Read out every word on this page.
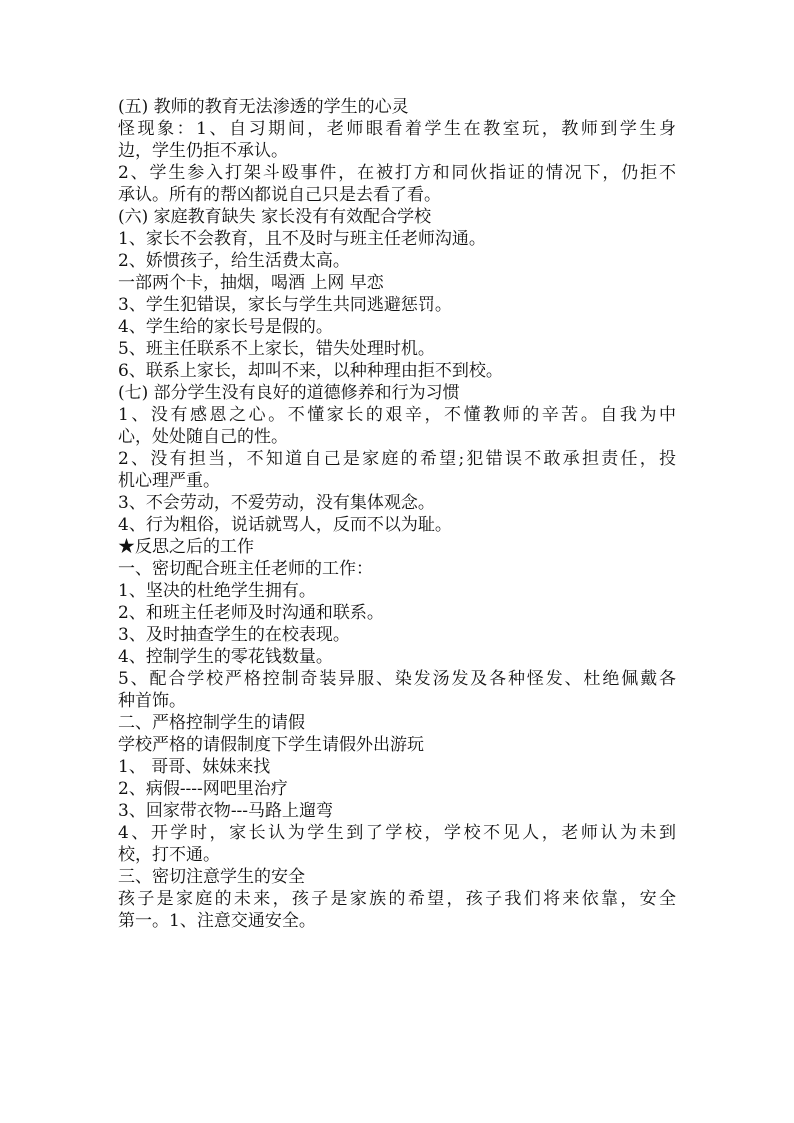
(五) 教师的教育无法渗透的学生的心灵
怪现象：1、自习期间，老师眼看着学生在教室玩，教师到学生身
边，学生仍拒不承认。
2、学生参入打架斗殴事件，在被打方和同伙指证的情况下，仍拒不
承认。所有的帮凶都说自己只是去看了看。
(六) 家庭教育缺失 家长没有有效配合学校
1、家长不会教育，且不及时与班主任老师沟通。
2、娇惯孩子，给生活费太高。
一部两个卡，抽烟，喝酒 上网 早恋
3、学生犯错误，家长与学生共同逃避惩罚。
4、学生给的家长号是假的。
5、班主任联系不上家长，错失处理时机。
6、联系上家长，却叫不来，以种种理由拒不到校。
(七) 部分学生没有良好的道德修养和行为习惯
1、没有感恩之心。不懂家长的艰辛，不懂教师的辛苦。自我为中
心，处处随自己的性。
2、没有担当，不知道自己是家庭的希望;犯错误不敢承担责任，投
机心理严重。
3、不会劳动，不爱劳动，没有集体观念。
4、行为粗俗，说话就骂人，反而不以为耻。
★反思之后的工作
一、密切配合班主任老师的工作：
1、坚决的杜绝学生拥有。
2、和班主任老师及时沟通和联系。
3、及时抽查学生的在校表现。
4、控制学生的零花钱数量。
5、配合学校严格控制奇装异服、染发汤发及各种怪发、杜绝佩戴各
种首饰。
二、严格控制学生的请假
学校严格的请假制度下学生请假外出游玩
1、 哥哥、妹妹来找
2、病假----网吧里治疗
3、回家带衣物---马路上遛弯
4、开学时，家长认为学生到了学校，学校不见人，老师认为未到
校，打不通。
三、密切注意学生的安全
孩子是家庭的未来，孩子是家族的希望，孩子我们将来依靠，安全
第一。1、注意交通安全。
